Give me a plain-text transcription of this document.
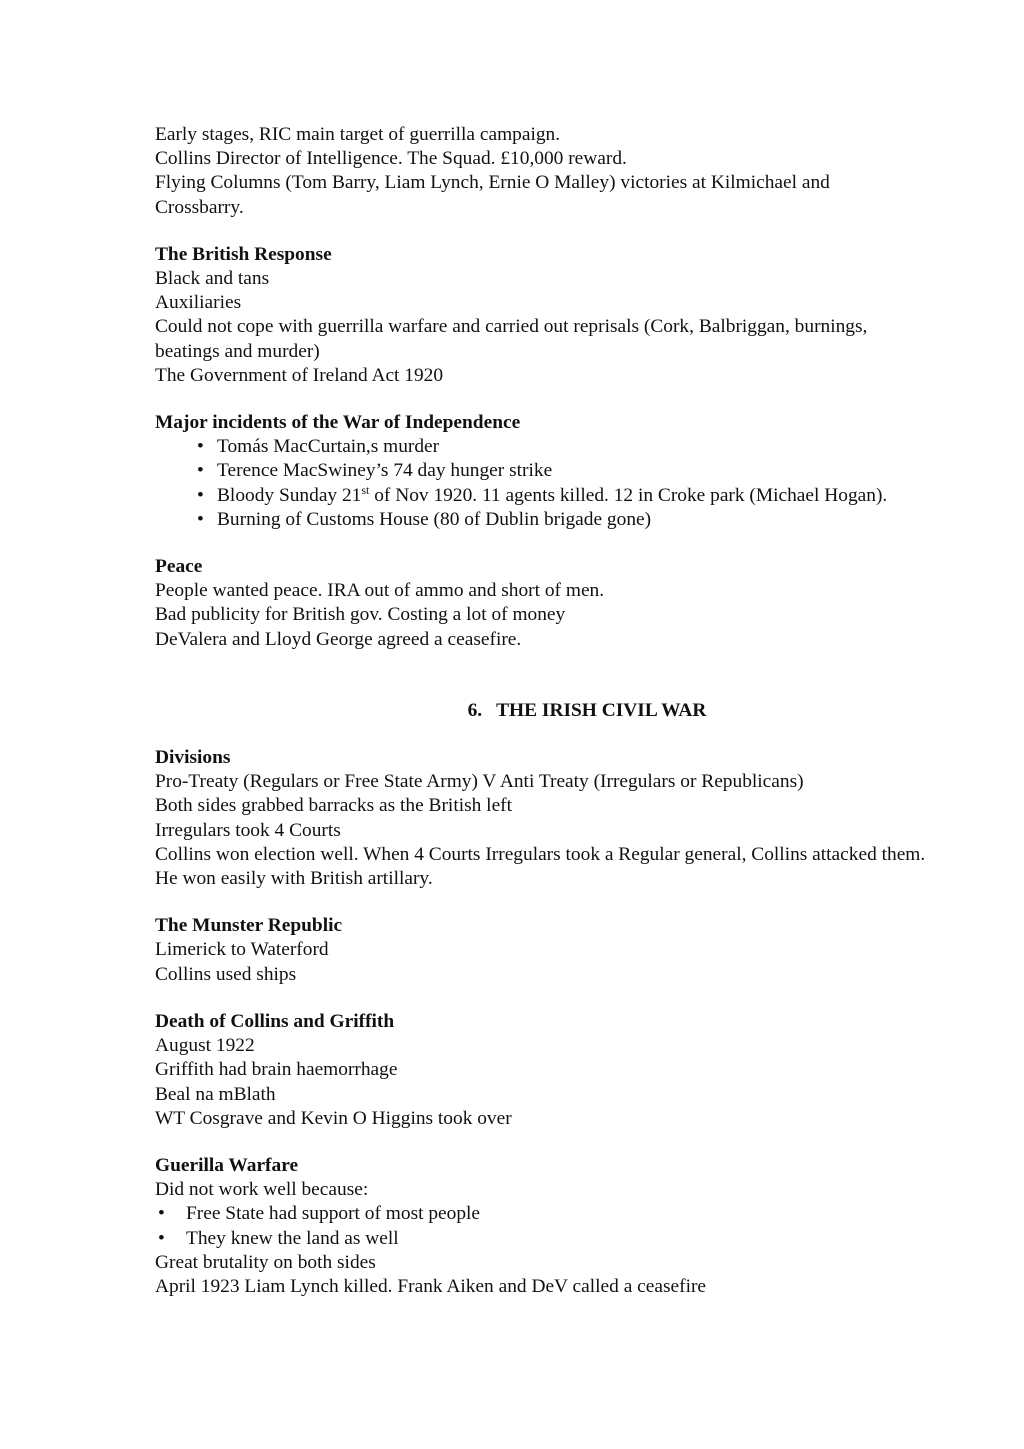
Early stages, RIC main target of guerrilla campaign.

Collins Director of Intelligence. The Squad. £10,000 reward.

Flying Columns (Tom Barry, Liam Lynch, Ernie O Malley) victories at Kilmichael and

Crossbarry.

The British Response

Black and tans

Auxiliaries

Could not cope with guerrilla warfare and carried out reprisals (Cork, Balbriggan, burnings,

beatings and murder)

The Government of Ireland Act 1920

Major incidents of the War of Independence

• Tomás MacCurtain,s murder
• Terence MacSwiney’s 74 day hunger strike
• Bloody Sunday 21st of Nov 1920. 11 agents killed. 12 in Croke park (Michael Hogan).
• Burning of Customs House (80 of Dublin brigade gone)

Peace

People wanted peace. IRA out of ammo and short of men.

Bad publicity for British gov. Costing a lot of money

DeValera and Lloyd George agreed a ceasefire.

6. THE IRISH CIVIL WAR

Divisions

Pro-Treaty (Regulars or Free State Army) V Anti Treaty (Irregulars or Republicans)

Both sides grabbed barracks as the British left

Irregulars took 4 Courts

Collins won election well. When 4 Courts Irregulars took a Regular general, Collins attacked them.

He won easily with British artillary.

The Munster Republic

Limerick to Waterford

Collins used ships

Death of Collins and Griffith

August 1922

Griffith had brain haemorrhage

Beal na mBlath

WT Cosgrave and Kevin O Higgins took over

Guerilla Warfare

Did not work well because:

• Free State had support of most people
• They knew the land as well

Great brutality on both sides

April 1923 Liam Lynch killed. Frank Aiken and DeV called a ceasefire
